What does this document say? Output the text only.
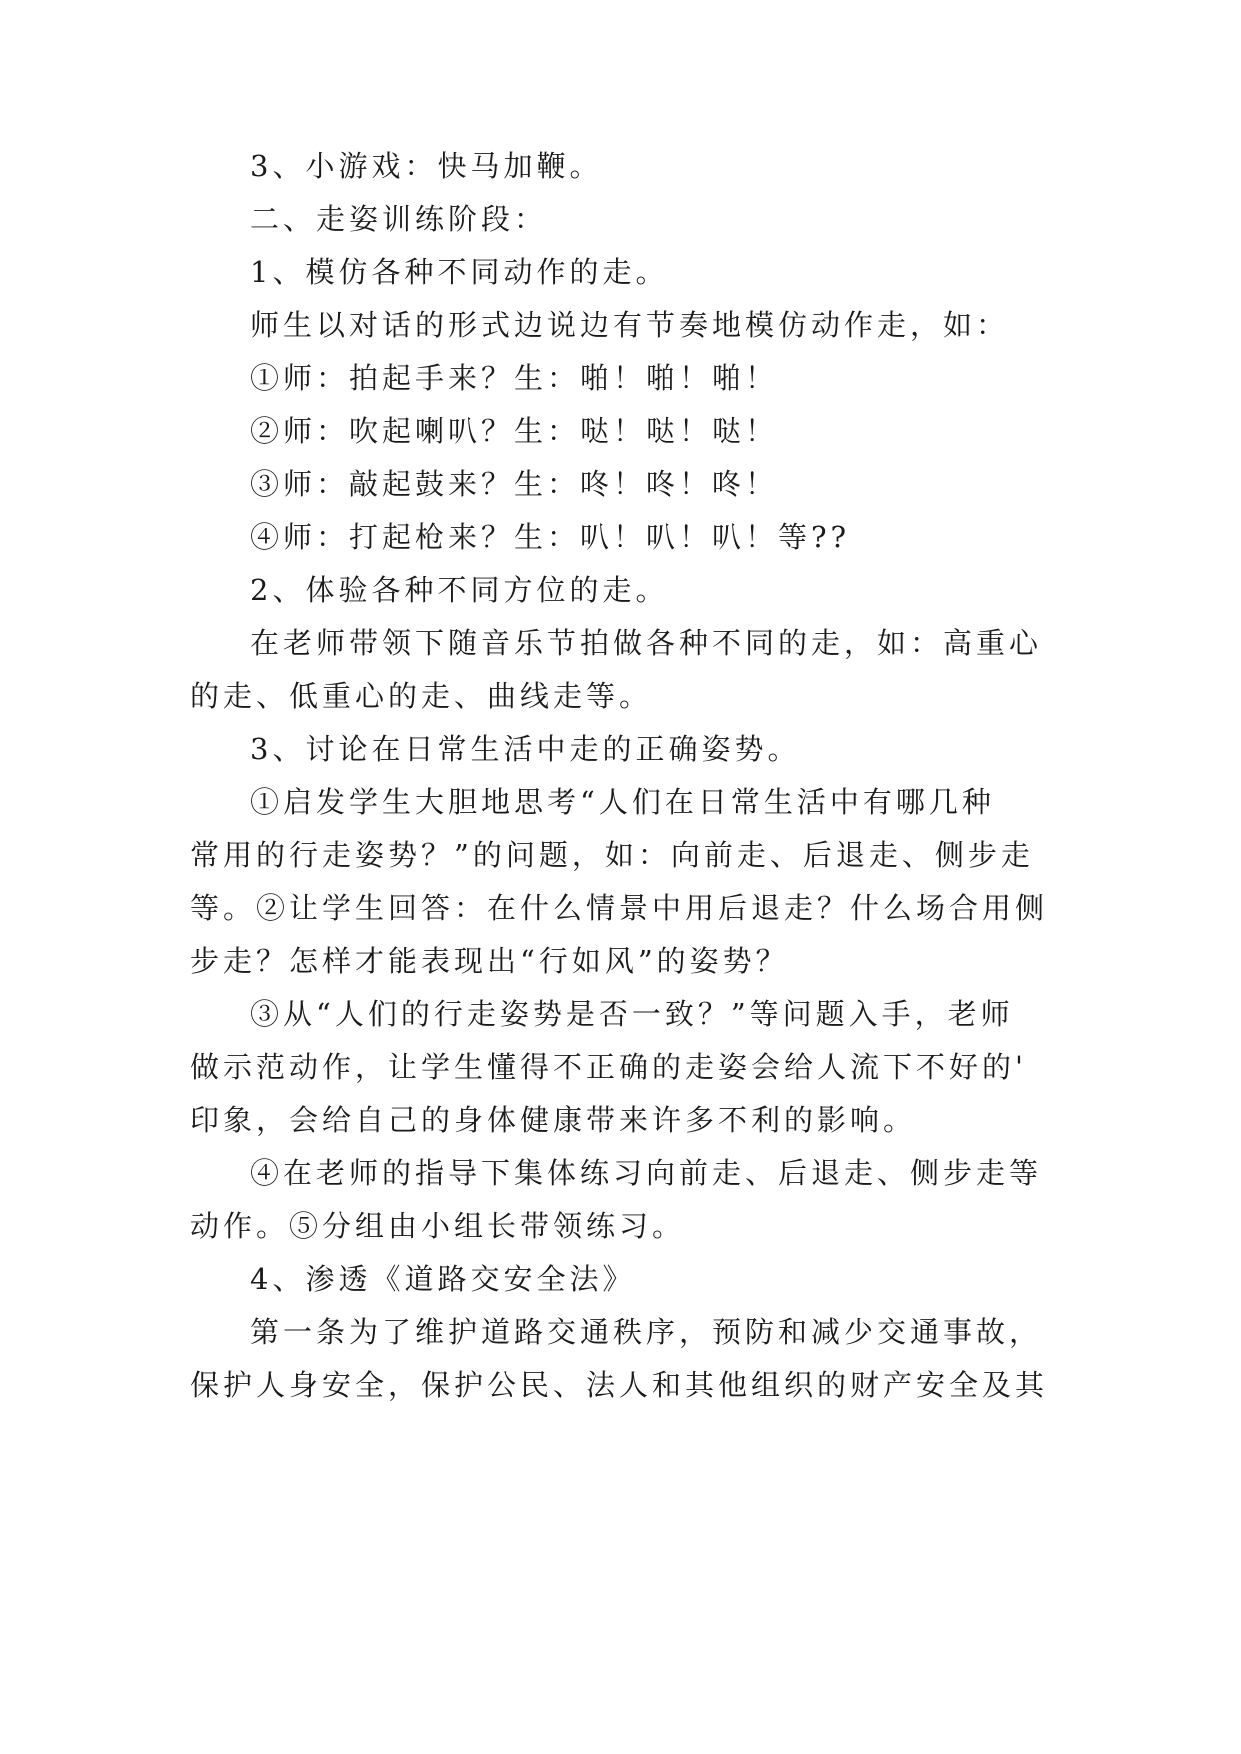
3、小游戏：快马加鞭。
二、走姿训练阶段：
1、模仿各种不同动作的走。
师生以对话的形式边说边有节奏地模仿动作走，如：
①师：拍起手来？生：啪！啪！啪！
②师：吹起喇叭？生：哒！哒！哒！
③师：敲起鼓来？生：咚！咚！咚！
④师：打起枪来？生：叭！叭！叭！等??
2、体验各种不同方位的走。
在老师带领下随音乐节拍做各种不同的走，如：高重心
的走、低重心的走、曲线走等。
3、讨论在日常生活中走的正确姿势。
①启发学生大胆地思考“人们在日常生活中有哪几种
常用的行走姿势？”的问题，如：向前走、后退走、侧步走
等。②让学生回答：在什么情景中用后退走？什么场合用侧
步走？怎样才能表现出“行如风”的姿势？
③从“人们的行走姿势是否一致？”等问题入手，老师
做示范动作，让学生懂得不正确的走姿会给人流下不好的'
印象，会给自己的身体健康带来许多不利的影响。
④在老师的指导下集体练习向前走、后退走、侧步走等
动作。⑤分组由小组长带领练习。
4、渗透《道路交安全法》
第一条为了维护道路交通秩序，预防和减少交通事故，
保护人身安全，保护公民、法人和其他组织的财产安全及其
